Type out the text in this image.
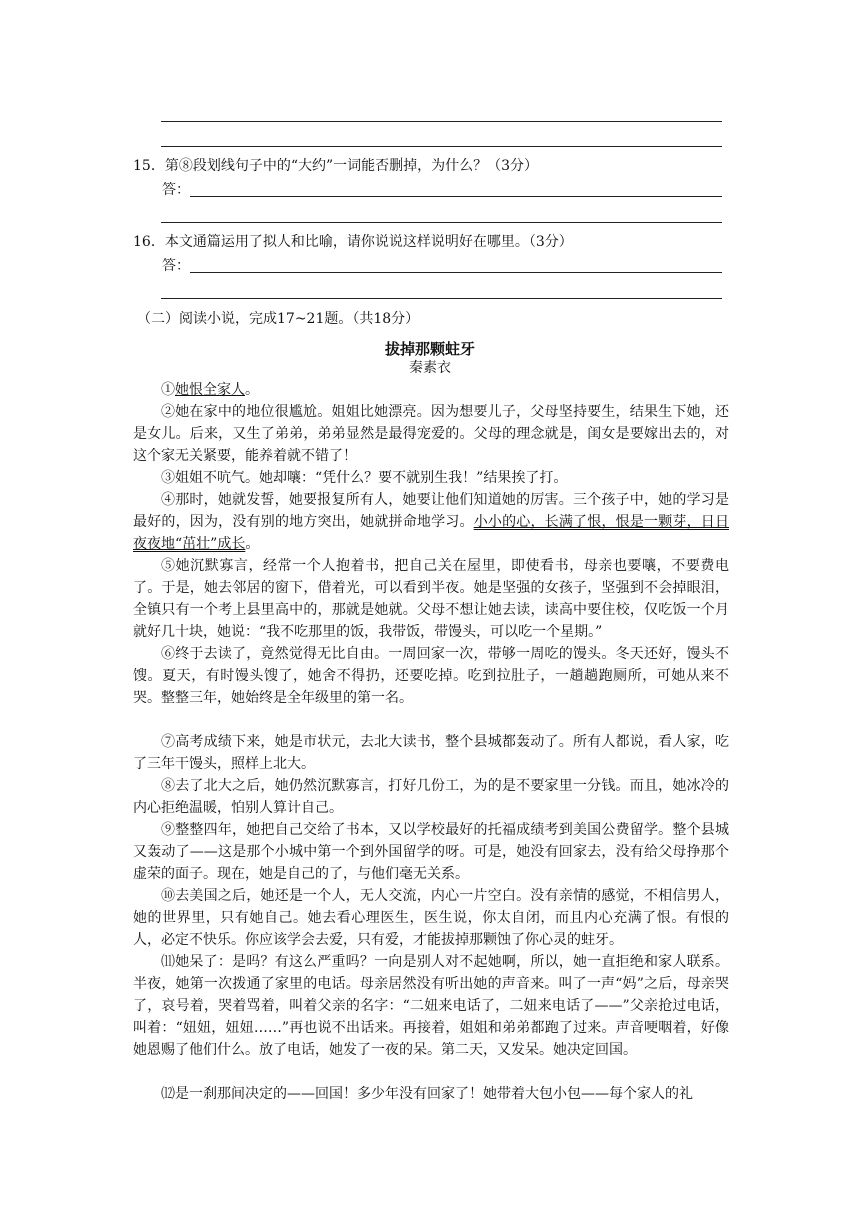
15．第⑧段划线句子中的“大约”一词能否删掉，为什么？（3分）
答：
16．本文通篇运用了拟人和比喻，请你说说这样说明好在哪里。（3分）
答：
（二）阅读小说，完成17~21题。（共18分）
拔掉那颗蛀牙
秦素衣
①她恨全家人。
②她在家中的地位很尴尬。姐姐比她漂亮。因为想要儿子，父母坚持要生，结果生下她，还是女儿。后来，又生了弟弟，弟弟显然是最得宠爱的。父母的理念就是，闺女是要嫁出去的，对这个家无关紧要，能养着就不错了！
③姐姐不吭气。她却嚷：“凭什么？要不就别生我！”结果挨了打。
④那时，她就发誓，她要报复所有人，她要让他们知道她的厉害。三个孩子中，她的学习是最好的，因为，没有别的地方突出，她就拼命地学习。小小的心，长满了恨，恨是一颗芽，日日夜夜地“茁壮”成长。
⑤她沉默寡言，经常一个人抱着书，把自己关在屋里，即使看书，母亲也要嚷，不要费电了。于是，她去邻居的窗下，借着光，可以看到半夜。她是坚强的女孩子，坚强到不会掉眼泪，全镇只有一个考上县里高中的，那就是她就。父母不想让她去读，读高中要住校，仅吃饭一个月就好几十块，她说：“我不吃那里的饭，我带饭，带馒头，可以吃一个星期。”
⑥终于去读了，竟然觉得无比自由。一周回家一次，带够一周吃的馒头。冬天还好，馒头不馊。夏天，有时馒头馊了，她舍不得扔，还要吃掉。吃到拉肚子，一趟趟跑厕所，可她从来不哭。整整三年，她始终是全年级里的第一名。
⑦高考成绩下来，她是市状元，去北大读书，整个县城都轰动了。所有人都说，看人家，吃了三年干馒头，照样上北大。
⑧去了北大之后，她仍然沉默寡言，打好几份工，为的是不要家里一分钱。而且，她冰冷的内心拒绝温暖，怕别人算计自己。
⑨整整四年，她把自己交给了书本，又以学校最好的托福成绩考到美国公费留学。整个县城又轰动了——这是那个小城中第一个到外国留学的呀。可是，她没有回家去，没有给父母挣那个虚荣的面子。现在，她是自己的了，与他们毫无关系。
⑩去美国之后，她还是一个人，无人交流，内心一片空白。没有亲情的感觉，不相信男人，她的世界里，只有她自己。她去看心理医生，医生说，你太自闭，而且内心充满了恨。有恨的人，必定不快乐。你应该学会去爱，只有爱，才能拔掉那颗蚀了你心灵的蛀牙。
⑾她呆了：是吗？有这么严重吗？一向是别人对不起她啊，所以，她一直拒绝和家人联系。半夜，她第一次拨通了家里的电话。母亲居然没有听出她的声音来。叫了一声“妈”之后，母亲哭了，哀号着，哭着骂着，叫着父亲的名字：“二妞来电话了，二妞来电话了——”父亲抢过电话，叫着：“妞妞，妞妞……”再也说不出话来。再接着，姐姐和弟弟都跑了过来。声音哽咽着，好像她恩赐了他们什么。放了电话，她发了一夜的呆。第二天，又发呆。她决定回国。
⑿是一刹那间决定的——回国！多少年没有回家了！她带着大包小包——每个家人的礼
